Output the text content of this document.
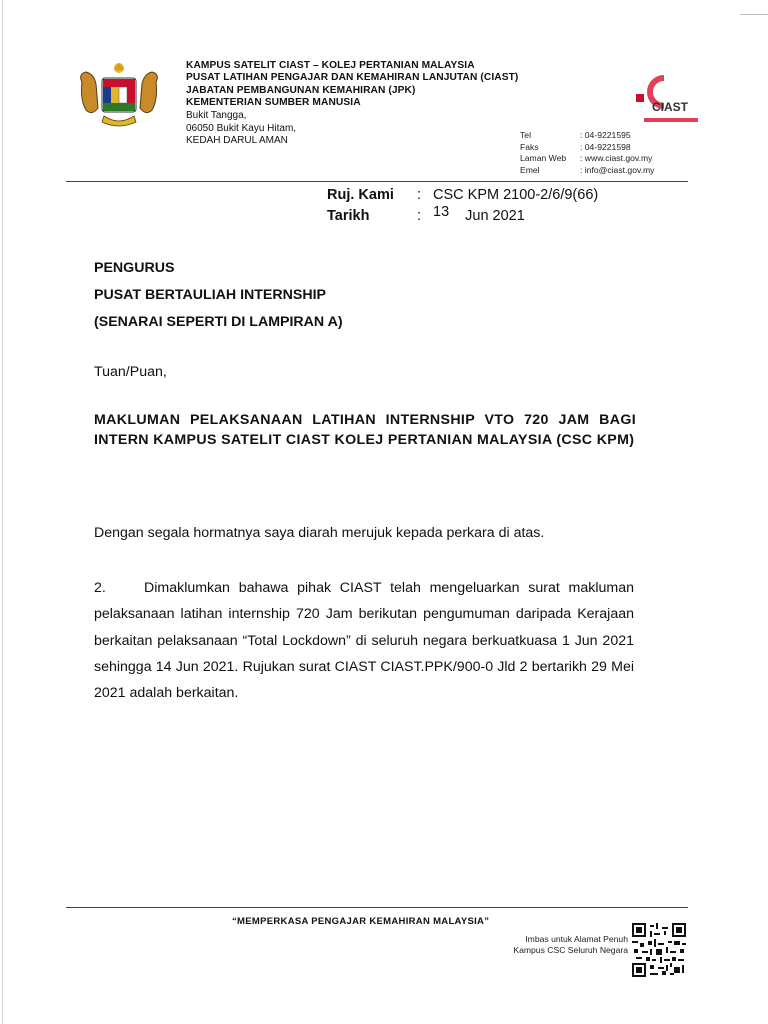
KAMPUS SATELIT CIAST – KOLEJ PERTANIAN MALAYSIA
PUSAT LATIHAN PENGAJAR DAN KEMAHIRAN LANJUTAN (CIAST)
JABATAN PEMBANGUNAN KEMAHIRAN (JPK)
KEMENTERIAN SUMBER MANUSIA
Bukit Tangga,
06050 Bukit Kayu Hitam,
KEDAH DARUL AMAN
CIAST
Tel	: 04-9221595
Faks	: 04-9221598
Laman Web	: www.ciast.gov.my
Emel	: info@ciast.gov.my
Ruj. Kami	: CSC KPM 2100-2/6/9(66)
Tarikh	: 13 Jun 2021
PENGURUS
PUSAT BERTAULIAH INTERNSHIP
(SENARAI SEPERTI DI LAMPIRAN A)
Tuan/Puan,
MAKLUMAN PELAKSANAAN LATIHAN INTERNSHIP VTO 720 JAM BAGI INTERN KAMPUS SATELIT CIAST KOLEJ PERTANIAN MALAYSIA (CSC KPM)
Dengan segala hormatnya saya diarah merujuk kepada perkara di atas.
2.	Dimaklumkan bahawa pihak CIAST telah mengeluarkan surat makluman pelaksanaan latihan internship 720 Jam berikutan pengumuman daripada Kerajaan berkaitan pelaksanaan “Total Lockdown” di seluruh negara berkuatkuasa 1 Jun 2021 sehingga 14 Jun 2021. Rujukan surat CIAST CIAST.PPK/900-0 Jld 2 bertarikh 29 Mei 2021 adalah berkaitan.
“MEMPERKASA PENGAJAR KEMAHIRAN MALAYSIA”
Imbas untuk Alamat Penuh
Kampus CSC Seluruh Negara
